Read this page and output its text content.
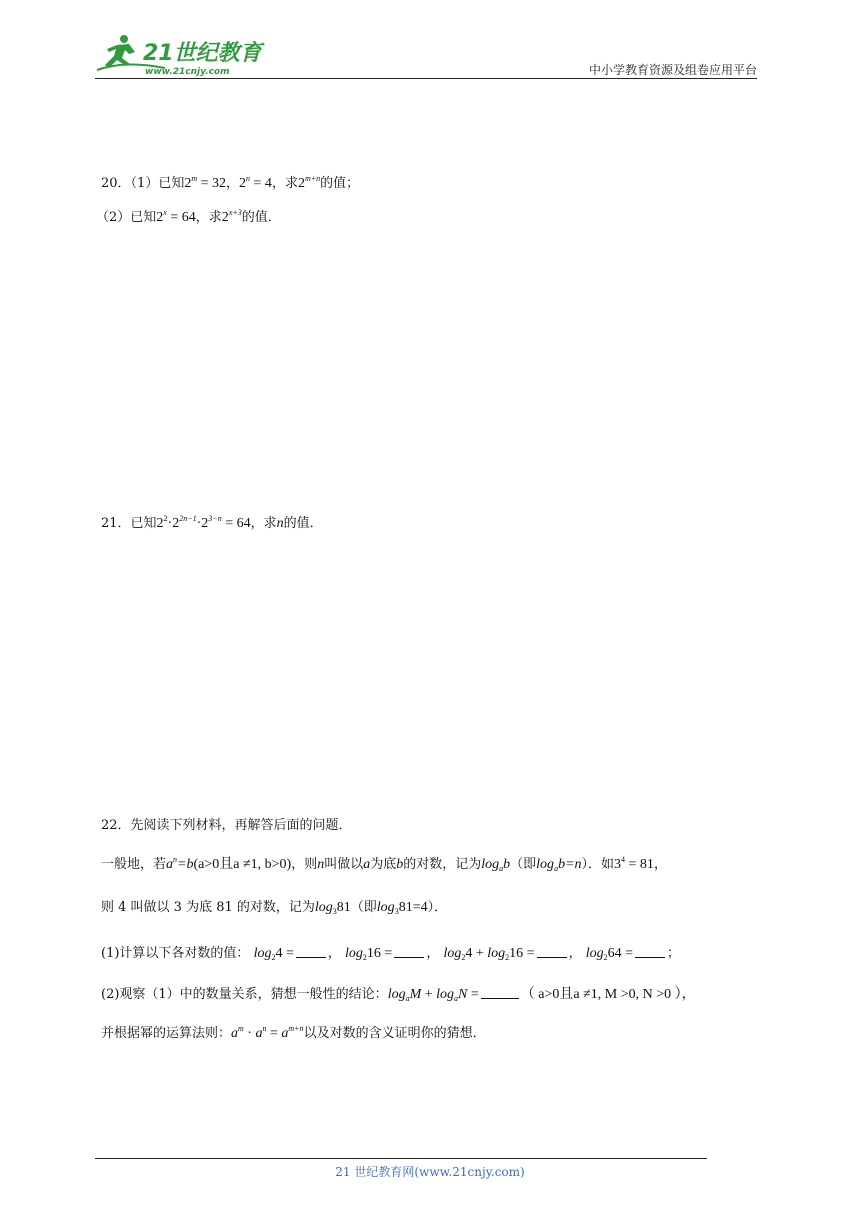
21世纪教育
www.21cnjy.com	中小学教育资源及组卷应用平台
20．（1）已知$2^m = 32$，$2^n = 4$，求$2^{m+n}$的值；
（2）已知$2^x = 64$，求$2^{x+3}$的值．
21．已知$2^2\cdot 2^{2n-1}\cdot 2^{3-n} = 64$，求n的值．
22．先阅读下列材料，再解答后面的问题．
一般地，若$a^n=b(a>0$且a ≠1, b>0)，则n叫做以a为底b的对数，记为$\log_ab$（即$\log_ab=n$）．如$3^4 = 81$，
则 4 叫做以 3 为底 81 的对数，记为$\log_381$（即$\log_381=4$）．
(1)计算以下各对数的值： $\log_24$ =	， $\log_216$ =	， $\log_24 + \log_216$ =	， $\log_264$ =	；
(2)观察（1）中的数量关系，猜想一般性的结论：$\log_aM + \log_aN$ =	（ a>0且a ≠1, M >0, N >0 ），
并根据幂的运算法则：$a^m \cdot a^n = a^{m+n}$以及对数的含义证明你的猜想．
21 世纪教育网(www.21cnjy.com)
